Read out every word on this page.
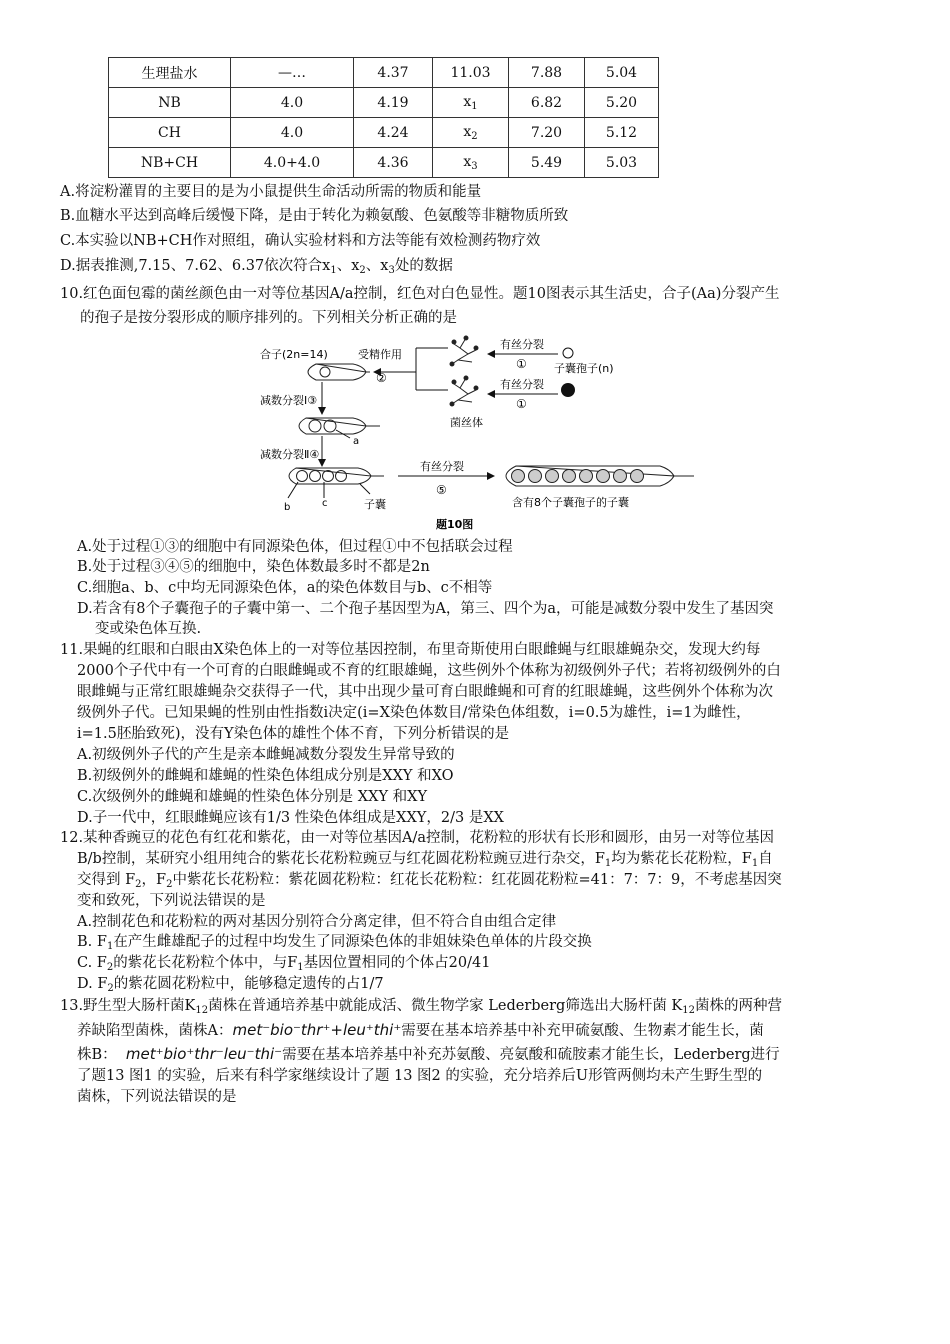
生理盐水	—…	4.37	11.03	7.88	5.04
NB	4.0	4.19	$x_1$	6.82	5.20
CH	4.0	4.24	$x_2$	7.20	5.12
NB+CH	4.0+4.0	4.36	$x_3$	5.49	5.03
A.将淀粉灌胃的主要目的是为小鼠提供生命活动所需的物质和能量
B.血糖水平达到高峰后缓慢下降，是由于转化为赖氨酸、色氨酸等非糖物质所致
C.本实验以NB+CH作对照组，确认实验材料和方法等能有效检测药物疗效
D.据表推测,7.15、7.62、6.37依次符合$x_1$、$x_2$、$x_3$处的数据
10.红色面包霉的菌丝颜色由一对等位基因A/a控制，红色对白色显性。题10图表示其生活史，合子(Aa)分裂产生
的孢子是按分裂形成的顺序排列的。下列相关分析正确的是
合子(2n=14)	受精作用
②
菌丝体
有丝分裂
①
有丝分裂
①
子囊孢子(n)
减数分裂Ⅰ③
a
减数分裂Ⅱ④
b	c	子囊
有丝分裂
⑤
含有8个子囊孢子的子囊
题10图
A.处于过程①③的细胞中有同源染色体，但过程①中不包括联会过程
B.处于过程③④⑤的细胞中，染色体数最多时不都是2n
C.细胞a、b、c中均无同源染色体，a的染色体数目与b、c不相等
D.若含有8个子囊孢子的子囊中第一、二个孢子基因型为A，第三、四个为a，可能是减数分裂中发生了基因突
变或染色体互换.
11.果蝇的红眼和白眼由X染色体上的一对等位基因控制，布里奇斯使用白眼雌蝇与红眼雄蝇杂交，发现大约每
2000个子代中有一个可育的白眼雌蝇或不育的红眼雄蝇，这些例外个体称为初级例外子代；若将初级例外的白
眼雌蝇与正常红眼雄蝇杂交获得子一代，其中出现少量可育白眼雌蝇和可育的红眼雄蝇，这些例外个体称为次
级例外子代。已知果蝇的性别由性指数i决定(i=X染色体数目/常染色体组数，i=0.5为雄性，i=1为雌性，
i=1.5胚胎致死)，没有Y染色体的雄性个体不育，下列分析错误的是
A.初级例外子代的产生是亲本雌蝇减数分裂发生异常导致的
B.初级例外的雌蝇和雄蝇的性染色体组成分别是XXY 和XO
C.次级例外的雌蝇和雄蝇的性染色体分别是 XXY 和XY
D.子一代中，红眼雌蝇应该有1/3 性染色体组成是XXY，2/3 是XX
12.某种香豌豆的花色有红花和紫花，由一对等位基因A/a控制，花粉粒的形状有长形和圆形，由另一对等位基因
B/b控制，某研究小组用纯合的紫花长花粉粒豌豆与红花圆花粉粒豌豆进行杂交，$F_1$均为紫花长花粉粒，$F_1$自
交得到 $F_2$，$F_2$中紫花长花粉粒：紫花圆花粉粒：红花长花粉粒：红花圆花粉粒=41：7：7：9，不考虑基因突
变和致死，下列说法错误的是
A.控制花色和花粉粒的两对基因分别符合分离定律，但不符合自由组合定律
B. $F_1$在产生雌雄配子的过程中均发生了同源染色体的非姐妹染色单体的片段交换
C. $F_2$的紫花长花粉粒个体中，与$F_1$基因位置相同的个体占20/41
D. $F_2$的紫花圆花粉粒中，能够稳定遗传的占1/7
13.野生型大肠杆菌$K_{12}$菌株在普通培养基中就能成活、微生物学家 Lederberg筛选出大肠杆菌 $K_{12}$菌株的两种营
养缺陷型菌株，菌株A：met⁻bio⁻thr⁺+leu⁺thi⁺需要在基本培养基中补充甲硫氨酸、生物素才能生长，菌
株B： met⁺bio⁺thr⁻leu⁻thi⁻需要在基本培养基中补充苏氨酸、亮氨酸和硫胺素才能生长，Lederberg进行
了题13 图1 的实验，后来有科学家继续设计了题 13 图2 的实验，充分培养后U形管两侧均未产生野生型的
菌株，下列说法错误的是
